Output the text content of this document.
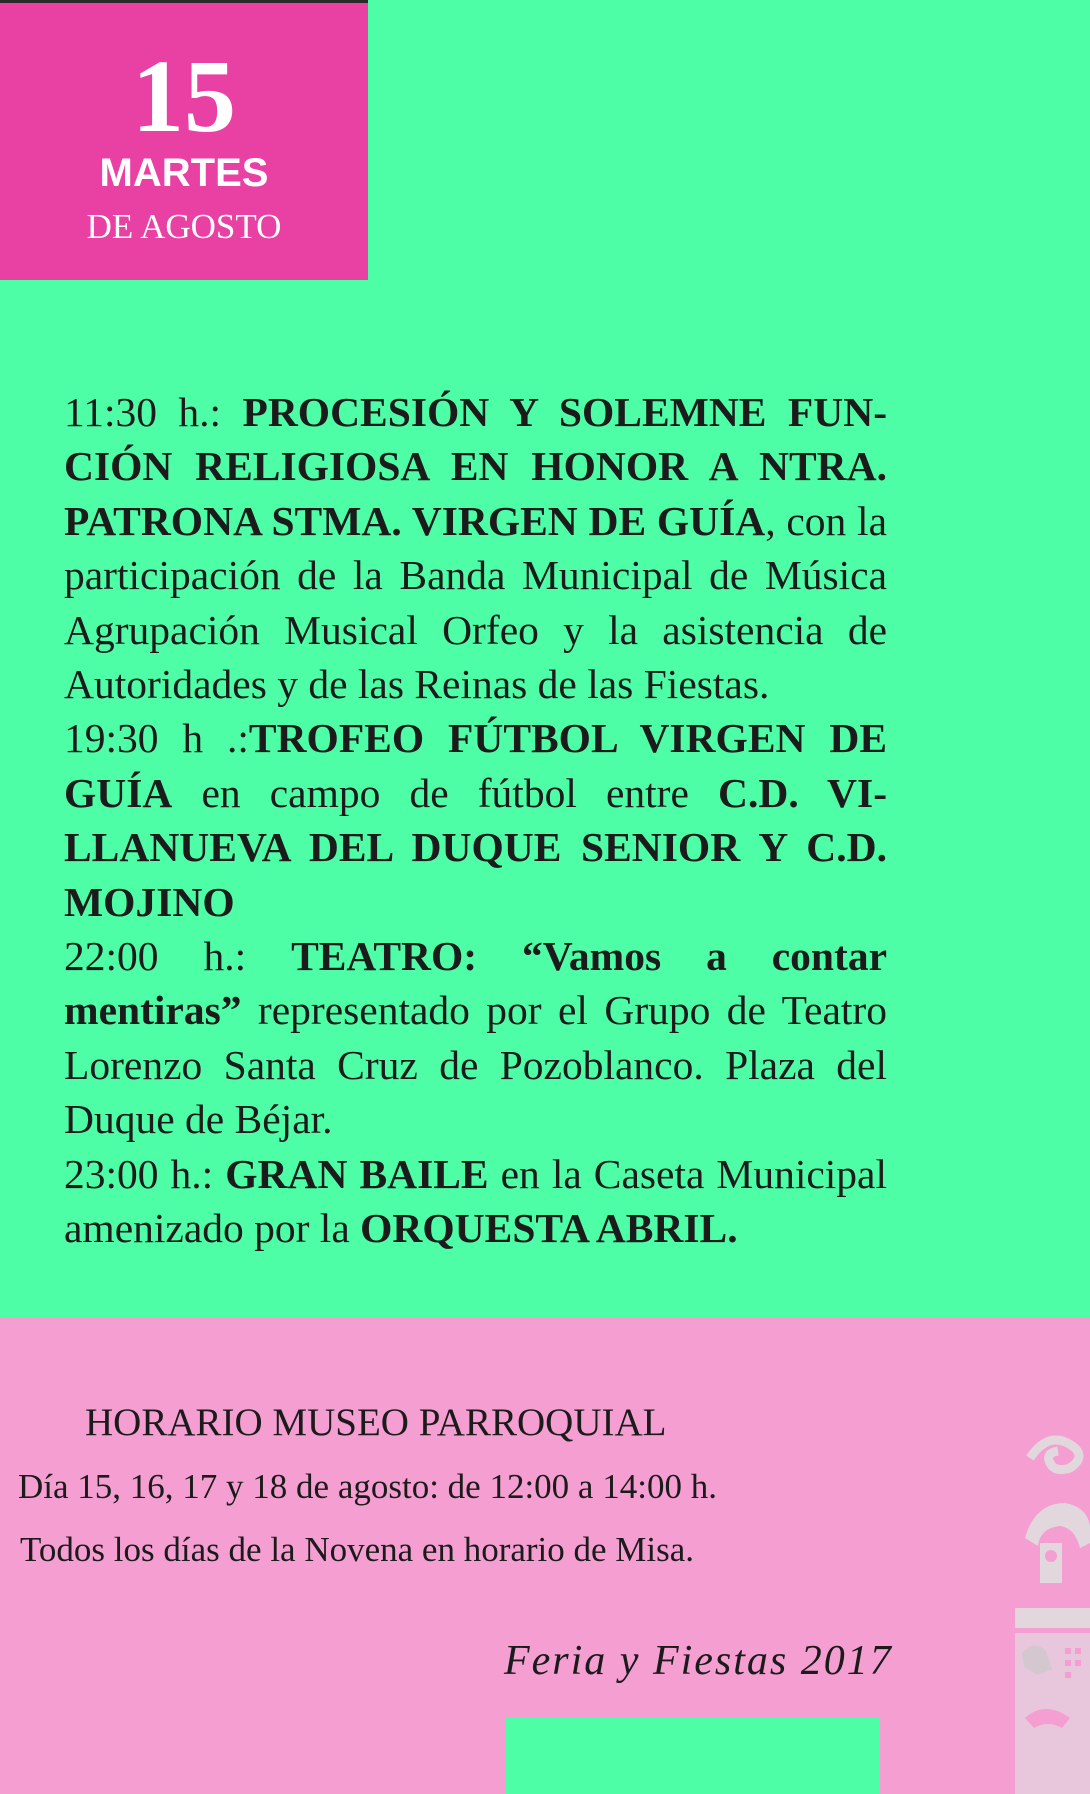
15
MARTES
DE AGOSTO

11:30 h.: PROCESIÓN Y SOLEMNE FUNCIÓN RELIGIOSA EN HONOR A NTRA. PATRONA STMA. VIRGEN DE GUÍA, con la participación de la Banda Municipal de Música Agrupación Musical Orfeo y la asistencia de Autoridades y de las Reinas de las Fiestas.

19:30 h .:TROFEO FÚTBOL VIRGEN DE GUÍA en campo de fútbol entre C.D. VILLANUEVA DEL DUQUE SENIOR Y C.D. MOJINO

22:00 h.: TEATRO: “Vamos a contar mentiras” representado por el Grupo de Teatro Lorenzo Santa Cruz de Pozoblanco. Plaza del Duque de Béjar.

23:00 h.: GRAN BAILE en la Caseta Municipal amenizado por la ORQUESTA ABRIL.

HORARIO MUSEO PARROQUIAL
Día 15, 16, 17 y 18 de agosto: de 12:00 a 14:00 h.
Todos los días de la Novena en horario de Misa.
Feria y Fiestas 2017
